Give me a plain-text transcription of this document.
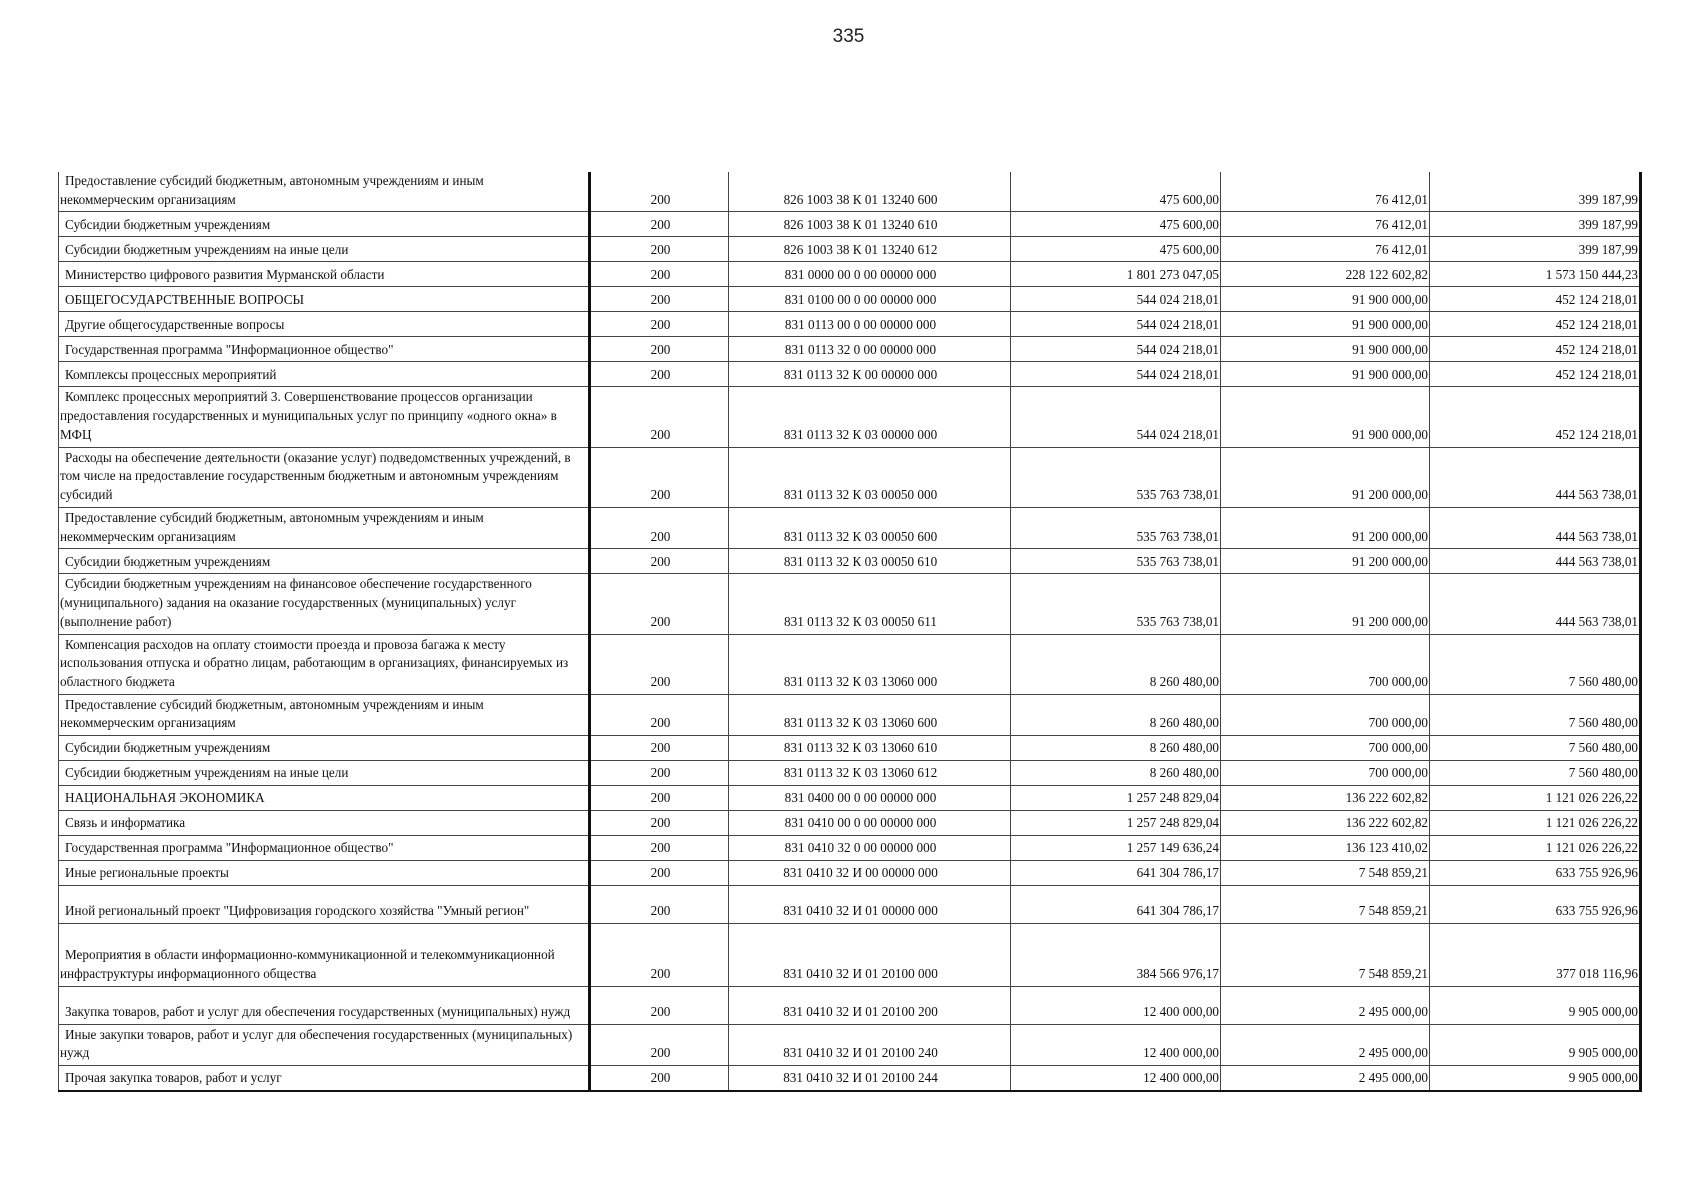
335
Предоставление субсидий бюджетным, автономным учреждениям и иным некоммерческим организациям	200	826 1003 38 К 01 13240 600	475 600,00	76 412,01	399 187,99
Субсидии бюджетным учреждениям	200	826 1003 38 К 01 13240 610	475 600,00	76 412,01	399 187,99
Субсидии бюджетным учреждениям на иные цели	200	826 1003 38 К 01 13240 612	475 600,00	76 412,01	399 187,99
Министерство цифрового развития Мурманской области	200	831 0000 00 0 00 00000 000	1 801 273 047,05	228 122 602,82	1 573 150 444,23
ОБЩЕГОСУДАРСТВЕННЫЕ ВОПРОСЫ	200	831 0100 00 0 00 00000 000	544 024 218,01	91 900 000,00	452 124 218,01
Другие общегосударственные вопросы	200	831 0113 00 0 00 00000 000	544 024 218,01	91 900 000,00	452 124 218,01
Государственная программа "Информационное общество"	200	831 0113 32 0 00 00000 000	544 024 218,01	91 900 000,00	452 124 218,01
Комплексы процессных мероприятий	200	831 0113 32 К 00 00000 000	544 024 218,01	91 900 000,00	452 124 218,01
Комплекс процессных мероприятий 3. Совершенствование процессов организации предоставления государственных и муниципальных услуг по принципу «одного окна» в МФЦ	200	831 0113 32 К 03 00000 000	544 024 218,01	91 900 000,00	452 124 218,01
Расходы на обеспечение деятельности (оказание услуг) подведомственных учреждений, в том числе на предоставление государственным бюджетным и автономным учреждениям субсидий	200	831 0113 32 К 03 00050 000	535 763 738,01	91 200 000,00	444 563 738,01
Предоставление субсидий бюджетным, автономным учреждениям и иным некоммерческим организациям	200	831 0113 32 К 03 00050 600	535 763 738,01	91 200 000,00	444 563 738,01
Субсидии бюджетным учреждениям	200	831 0113 32 К 03 00050 610	535 763 738,01	91 200 000,00	444 563 738,01
Субсидии бюджетным учреждениям на финансовое обеспечение государственного (муниципального) задания на оказание государственных (муниципальных) услуг (выполнение работ)	200	831 0113 32 К 03 00050 611	535 763 738,01	91 200 000,00	444 563 738,01
Компенсация расходов на оплату стоимости проезда и провоза багажа к месту использования отпуска и обратно лицам, работающим в организациях, финансируемых из областного бюджета	200	831 0113 32 К 03 13060 000	8 260 480,00	700 000,00	7 560 480,00
Предоставление субсидий бюджетным, автономным учреждениям и иным некоммерческим организациям	200	831 0113 32 К 03 13060 600	8 260 480,00	700 000,00	7 560 480,00
Субсидии бюджетным учреждениям	200	831 0113 32 К 03 13060 610	8 260 480,00	700 000,00	7 560 480,00
Субсидии бюджетным учреждениям на иные цели	200	831 0113 32 К 03 13060 612	8 260 480,00	700 000,00	7 560 480,00
НАЦИОНАЛЬНАЯ ЭКОНОМИКА	200	831 0400 00 0 00 00000 000	1 257 248 829,04	136 222 602,82	1 121 026 226,22
Связь и информатика	200	831 0410 00 0 00 00000 000	1 257 248 829,04	136 222 602,82	1 121 026 226,22
Государственная программа "Информационное общество"	200	831 0410 32 0 00 00000 000	1 257 149 636,24	136 123 410,02	1 121 026 226,22
Иные региональные проекты	200	831 0410 32 И 00 00000 000	641 304 786,17	7 548 859,21	633 755 926,96
Иной региональный проект "Цифровизация городского хозяйства "Умный регион"	200	831 0410 32 И 01 00000 000	641 304 786,17	7 548 859,21	633 755 926,96
Мероприятия в области информационно-коммуникационной и телекоммуникационной инфраструктуры информационного общества	200	831 0410 32 И 01 20100 000	384 566 976,17	7 548 859,21	377 018 116,96
Закупка товаров, работ и услуг для обеспечения государственных (муниципальных) нужд	200	831 0410 32 И 01 20100 200	12 400 000,00	2 495 000,00	9 905 000,00
Иные закупки товаров, работ и услуг для обеспечения государственных (муниципальных) нужд	200	831 0410 32 И 01 20100 240	12 400 000,00	2 495 000,00	9 905 000,00
Прочая закупка товаров, работ и услуг	200	831 0410 32 И 01 20100 244	12 400 000,00	2 495 000,00	9 905 000,00
